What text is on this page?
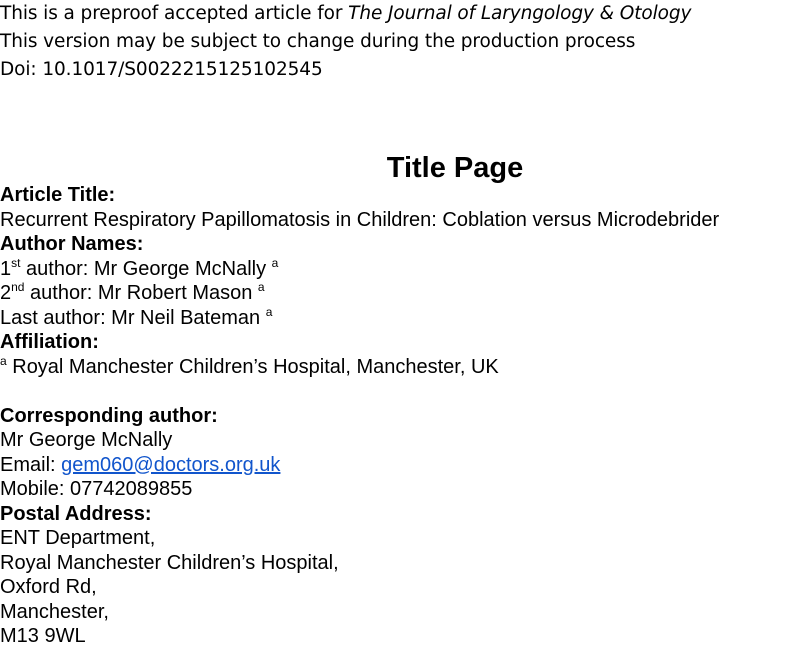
This is a preproof accepted article for The Journal of Laryngology & Otology
This version may be subject to change during the production process
Doi: 10.1017/S0022215125102545
Title Page
Article Title:
Recurrent Respiratory Papillomatosis in Children: Coblation versus Microdebrider
Author Names:
1st author: Mr George McNally $^a$
2nd author: Mr Robert Mason $^a$
Last author: Mr Neil Bateman $^a$
Affiliation:
$^a$ Royal Manchester Children’s Hospital, Manchester, UK
Corresponding author:
Mr George McNally
Email: gem060@doctors.org.uk
Mobile: 07742089855
Postal Address:
ENT Department,
Royal Manchester Children’s Hospital,
Oxford Rd,
Manchester,
M13 9WL
